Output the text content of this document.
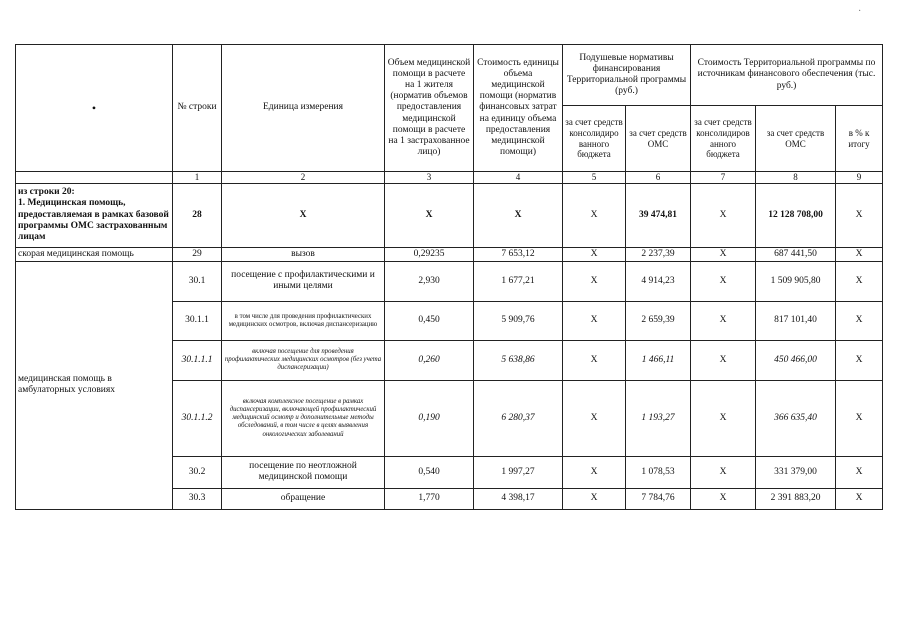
·
•	№ строки	Единица измерения	Объем медицинской помощи в расчете на 1 жителя (норматив объемов предоставления медицинской помощи в расчете на 1 застрахованное лицо)	Стоимость единицы объема медицинской помощи (норматив финансовых затрат на единицу объема предоставления медицинской помощи)	Подушевые нормативы финансирования Территориальной программы (руб.)		Стоимость Территориальной программы по источникам финансового обеспечения (тыс. руб.)		
					за счет средств консолидиро ванного бюджета	за счет средств ОМС	за счет средств консолидиров анного бюджета	за счет средств ОМС	в % к итогу
	1	2	3	4	5	6	7	8	9
из строки 20:
1. Медицинская помощь, предоставляемая в рамках базовой программы ОМС застрахованным лицам	28	Х	Х	Х	Х	39 474,81	Х	12 128 708,00	Х
скорая медицинская помощь	29	вызов	0,29235	7 653,12	Х	2 237,39	Х	687 441,50	Х
медицинская помощь в амбулаторных условиях	30.1	посещение с профилактическими и иными целями	2,930	1 677,21	Х	4 914,23	Х	1 509 905,80	Х
	30.1.1	в том числе для проведения профилактических медицинских осмотров, включая диспансеризацию	0,450	5 909,76	Х	2 659,39	Х	817 101,40	Х
	30.1.1.1	включая посещение для проведения профилактических медицинских осмотров (без учета диспансеризации)	0,260	5 638,86	Х	1 466,11	Х	450 466,00	Х
	30.1.1.2	включая комплексное посещение в рамках диспансеризации, включающей профилактический медицинский осмотр и дополнительные методы обследований, в том числе в целях выявления онкологических заболеваний	0,190	6 280,37	Х	1 193,27	Х	366 635,40	Х
	30.2	посещение по неотложной медицинской помощи	0,540	1 997,27	Х	1 078,53	Х	331 379,00	Х
	30.3	обращение	1,770	4 398,17	Х	7 784,76	Х	2 391 883,20	Х
